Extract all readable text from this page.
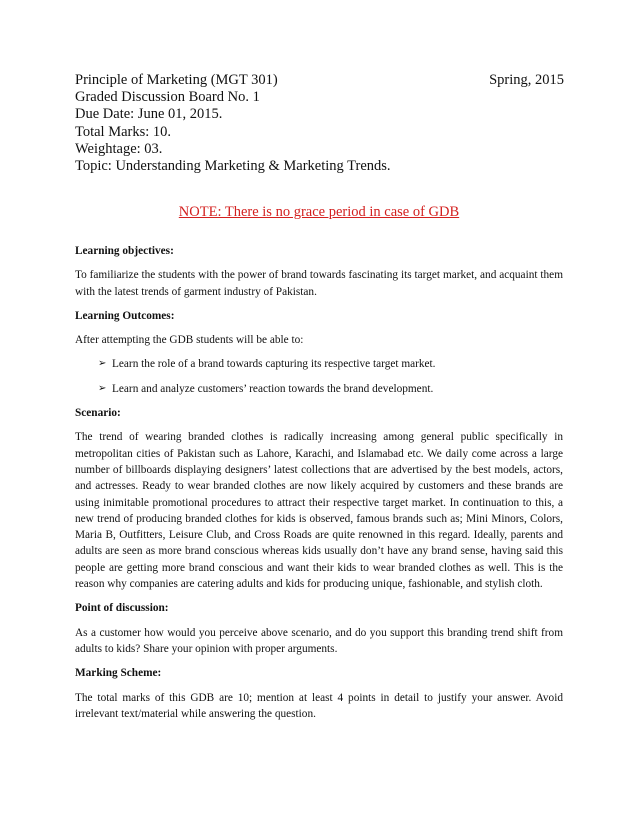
Principle of Marketing (MGT 301)	Spring, 2015
Graded Discussion Board No. 1
Due Date: June 01, 2015.
Total Marks: 10.
Weightage: 03.
Topic: Understanding Marketing & Marketing Trends.
NOTE: There is no grace period in case of GDB
Learning objectives:
To familiarize the students with the power of brand towards fascinating its target market, and acquaint them with the latest trends of garment industry of Pakistan.
Learning Outcomes:
After attempting the GDB students will be able to:
➢ Learn the role of a brand towards capturing its respective target market.
➢ Learn and analyze customers’ reaction towards the brand development.
Scenario:
The trend of wearing branded clothes is radically increasing among general public specifically in metropolitan cities of Pakistan such as Lahore, Karachi, and Islamabad etc. We daily come across a large number of billboards displaying designers’ latest collections that are advertised by the best models, actors, and actresses. Ready to wear branded clothes are now likely acquired by customers and these brands are using inimitable promotional procedures to attract their respective target market. In continuation to this, a new trend of producing branded clothes for kids is observed, famous brands such as; Mini Minors, Colors, Maria B, Outfitters, Leisure Club, and Cross Roads are quite renowned in this regard. Ideally, parents and adults are seen as more brand conscious whereas kids usually don’t have any brand sense, having said this people are getting more brand conscious and want their kids to wear branded clothes as well. This is the reason why companies are catering adults and kids for producing unique, fashionable, and stylish cloth.
Point of discussion:
As a customer how would you perceive above scenario, and do you support this branding trend shift from adults to kids? Share your opinion with proper arguments.
Marking Scheme:
The total marks of this GDB are 10; mention at least 4 points in detail to justify your answer. Avoid irrelevant text/material while answering the question.
